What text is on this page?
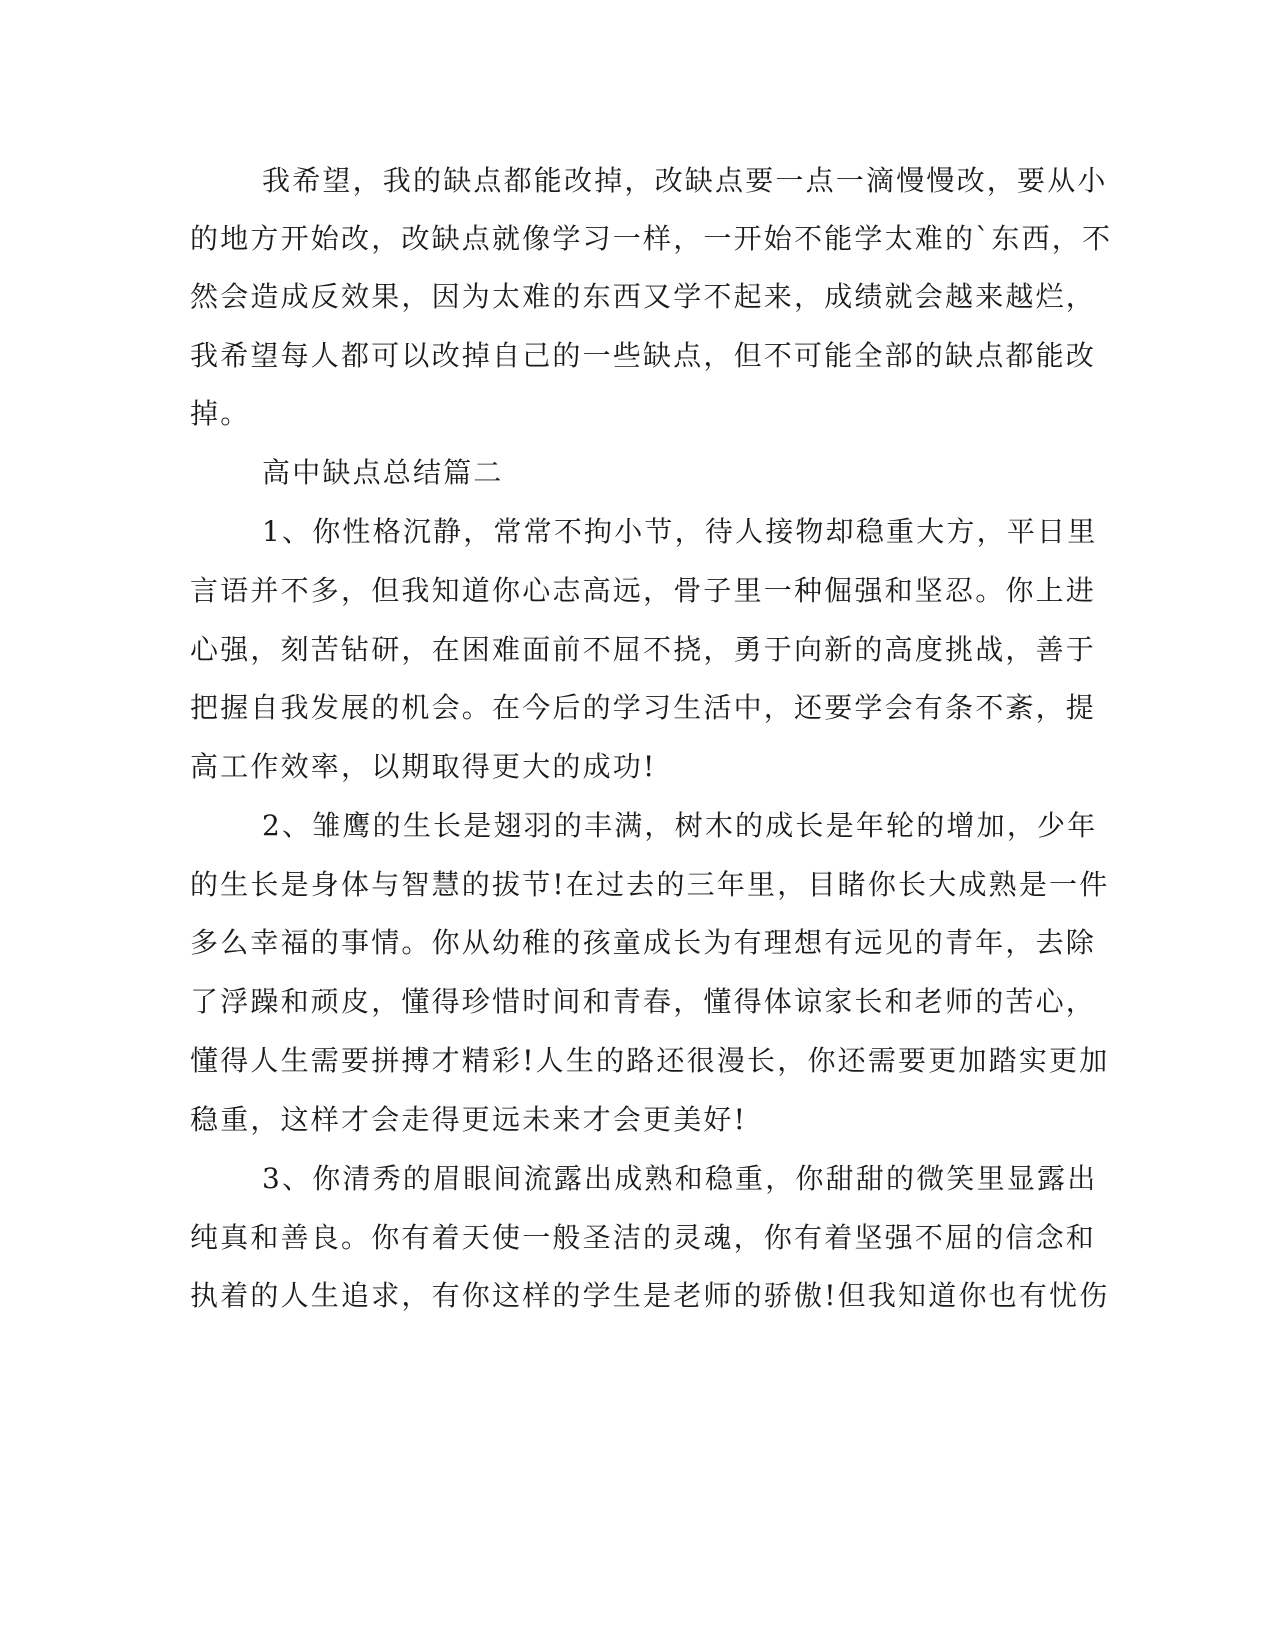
我希望，我的缺点都能改掉，改缺点要一点一滴慢慢改，要从小
的地方开始改，改缺点就像学习一样，一开始不能学太难的`东西，不
然会造成反效果，因为太难的东西又学不起来，成绩就会越来越烂，
我希望每人都可以改掉自己的一些缺点，但不可能全部的缺点都能改
掉。
高中缺点总结篇二
1、你性格沉静，常常不拘小节，待人接物却稳重大方，平日里
言语并不多，但我知道你心志高远，骨子里一种倔强和坚忍。你上进
心强，刻苦钻研，在困难面前不屈不挠，勇于向新的高度挑战，善于
把握自我发展的机会。在今后的学习生活中，还要学会有条不紊，提
高工作效率，以期取得更大的成功!
2、雏鹰的生长是翅羽的丰满，树木的成长是年轮的增加，少年
的生长是身体与智慧的拔节!在过去的三年里，目睹你长大成熟是一件
多么幸福的事情。你从幼稚的孩童成长为有理想有远见的青年，去除
了浮躁和顽皮，懂得珍惜时间和青春，懂得体谅家长和老师的苦心，
懂得人生需要拼搏才精彩!人生的路还很漫长，你还需要更加踏实更加
稳重，这样才会走得更远未来才会更美好!
3、你清秀的眉眼间流露出成熟和稳重，你甜甜的微笑里显露出
纯真和善良。你有着天使一般圣洁的灵魂，你有着坚强不屈的信念和
执着的人生追求，有你这样的学生是老师的骄傲!但我知道你也有忧伤
